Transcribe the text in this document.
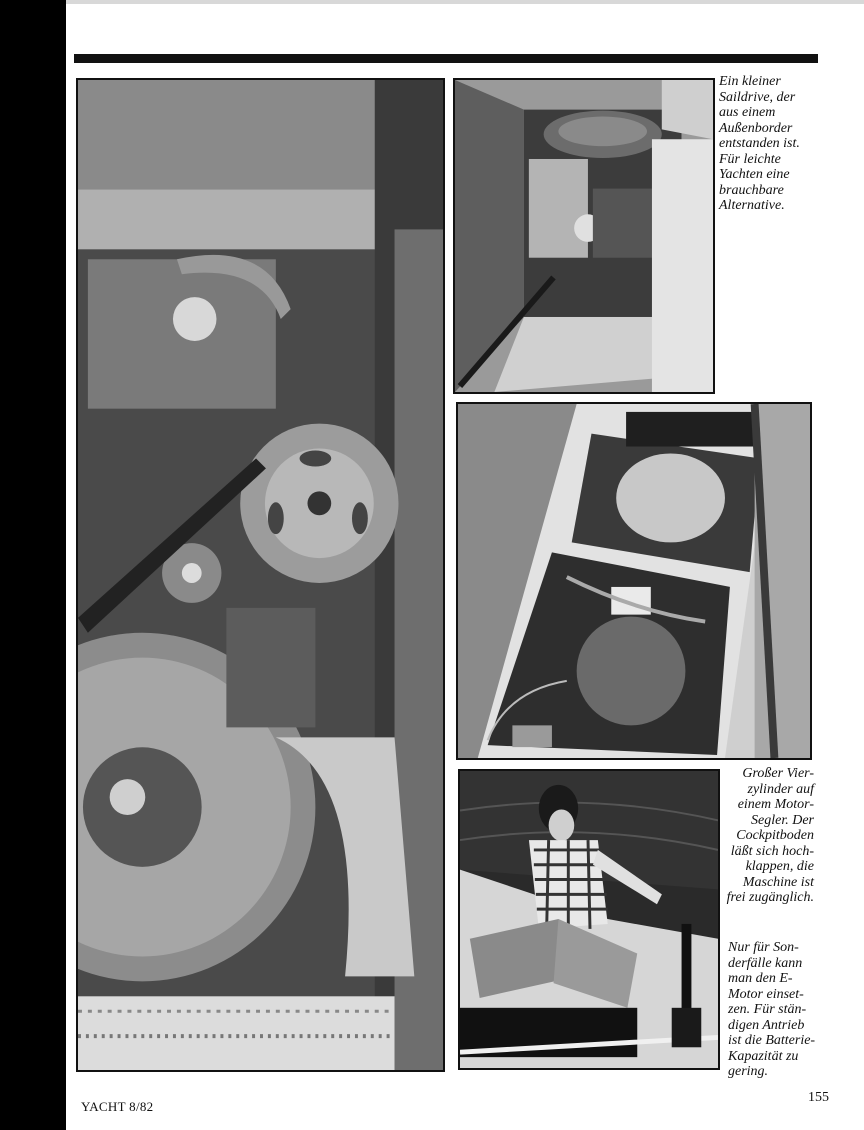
Ein kleiner
Saildrive, der
aus einem
Außenborder
entstanden ist.
Für leichte
Yachten eine
brauchbare
Alternative.

Großer Vier-
zylinder auf
einem Motor-
Segler. Der
Cockpitboden
läßt sich hoch-
klappen, die
Maschine ist
frei zugänglich.

Nur für Son-
derfälle kann
man den E-
Motor einset-
zen. Für stän-
digen Antrieb
ist die Batterie-
Kapazität zu
gering.

YACHT 8/82
155
